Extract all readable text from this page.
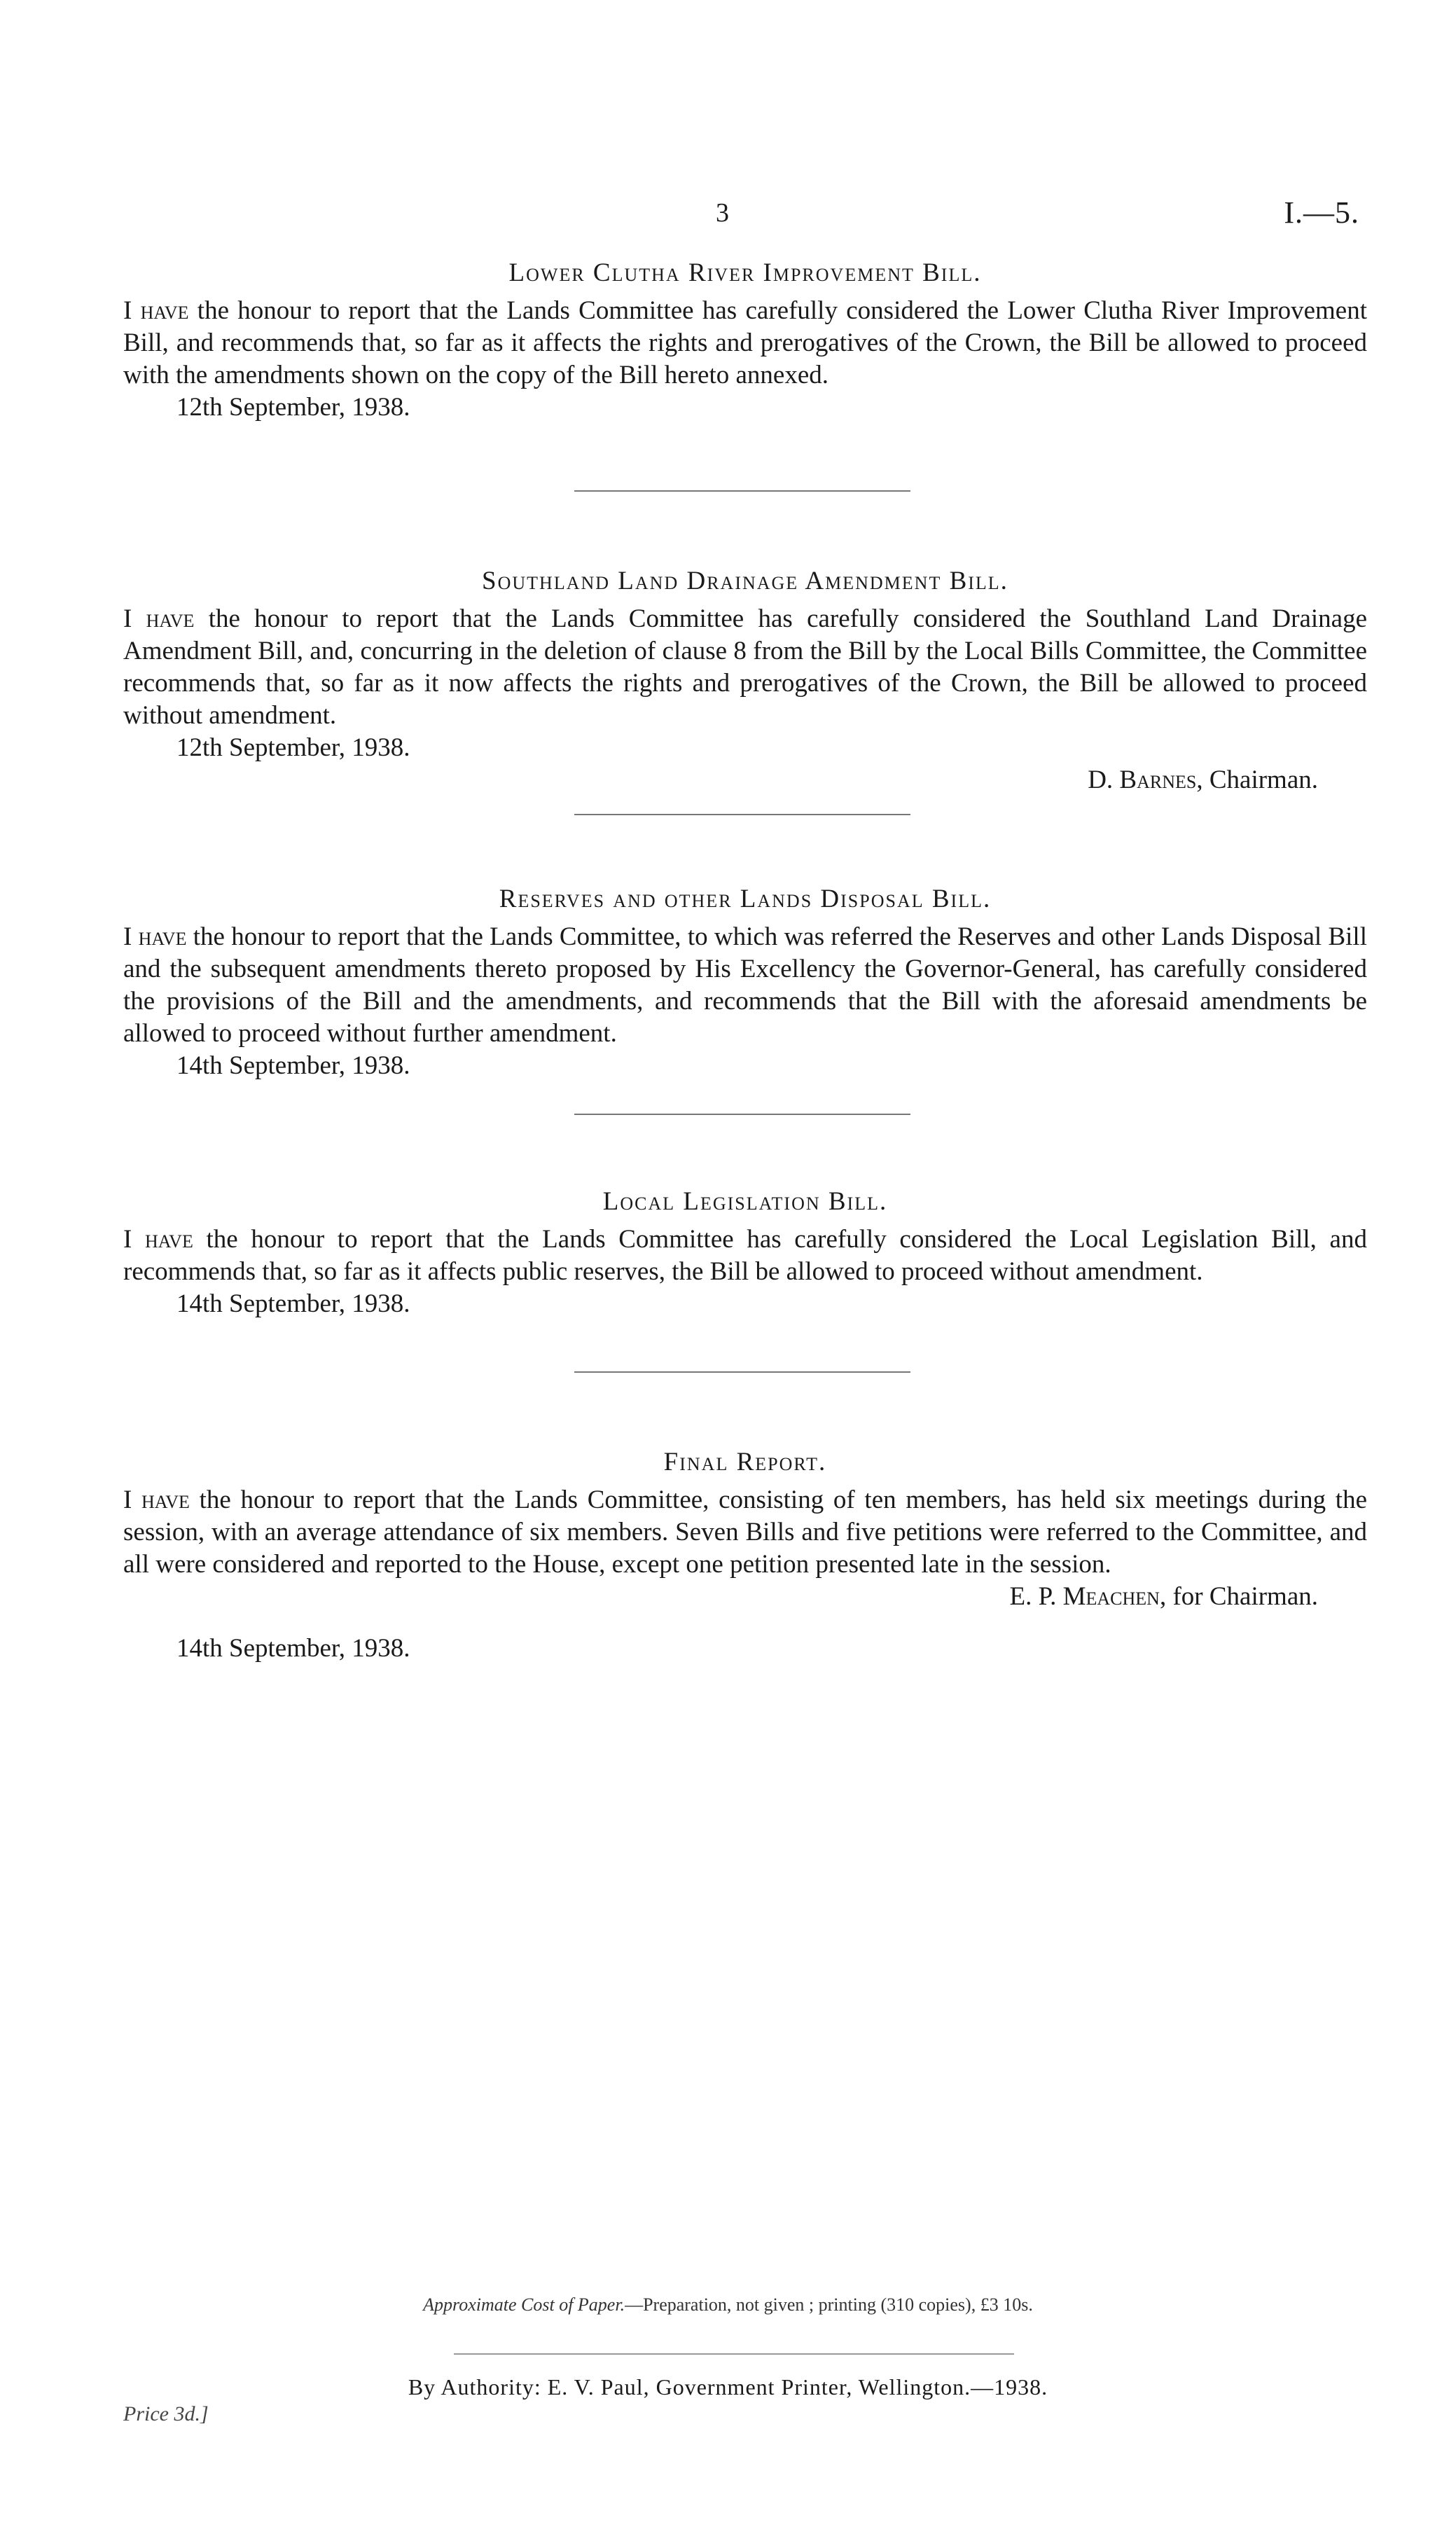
3	I.—5.
Lower Clutha River Improvement Bill.

I have the honour to report that the Lands Committee has carefully considered the Lower Clutha River Improvement Bill, and recommends that, so far as it affects the rights and prerogatives of the Crown, the Bill be allowed to proceed with the amendments shown on the copy of the Bill hereto annexed.

12th September, 1938.

Southland Land Drainage Amendment Bill.

I have the honour to report that the Lands Committee has carefully considered the Southland Land Drainage Amendment Bill, and, concurring in the deletion of clause 8 from the Bill by the Local Bills Committee, the Committee recommends that, so far as it now affects the rights and prerogatives of the Crown, the Bill be allowed to proceed without amendment.

12th September, 1938.

D. Barnes, Chairman.
Reserves and other Lands Disposal Bill.

I have the honour to report that the Lands Committee, to which was referred the Reserves and other Lands Disposal Bill and the subsequent amendments thereto proposed by His Excellency the Governor-General, has carefully considered the provisions of the Bill and the amendments, and recommends that the Bill with the aforesaid amendments be allowed to proceed without further amendment.

14th September, 1938.

Local Legislation Bill.

I have the honour to report that the Lands Committee has carefully considered the Local Legislation Bill, and recommends that, so far as it affects public reserves, the Bill be allowed to proceed without amendment.

14th September, 1938.

Final Report.

I have the honour to report that the Lands Committee, consisting of ten members, has held six meetings during the session, with an average attendance of six members. Seven Bills and five petitions were referred to the Committee, and all were considered and reported to the House, except one petition presented late in the session.

E. P. Meachen, for Chairman.

14th September, 1938.

Approximate Cost of Paper.—Preparation, not given ; printing (310 copies), £3 10s.
By Authority: E. V. Paul, Government Printer, Wellington.—1938.
Price 3d.]
